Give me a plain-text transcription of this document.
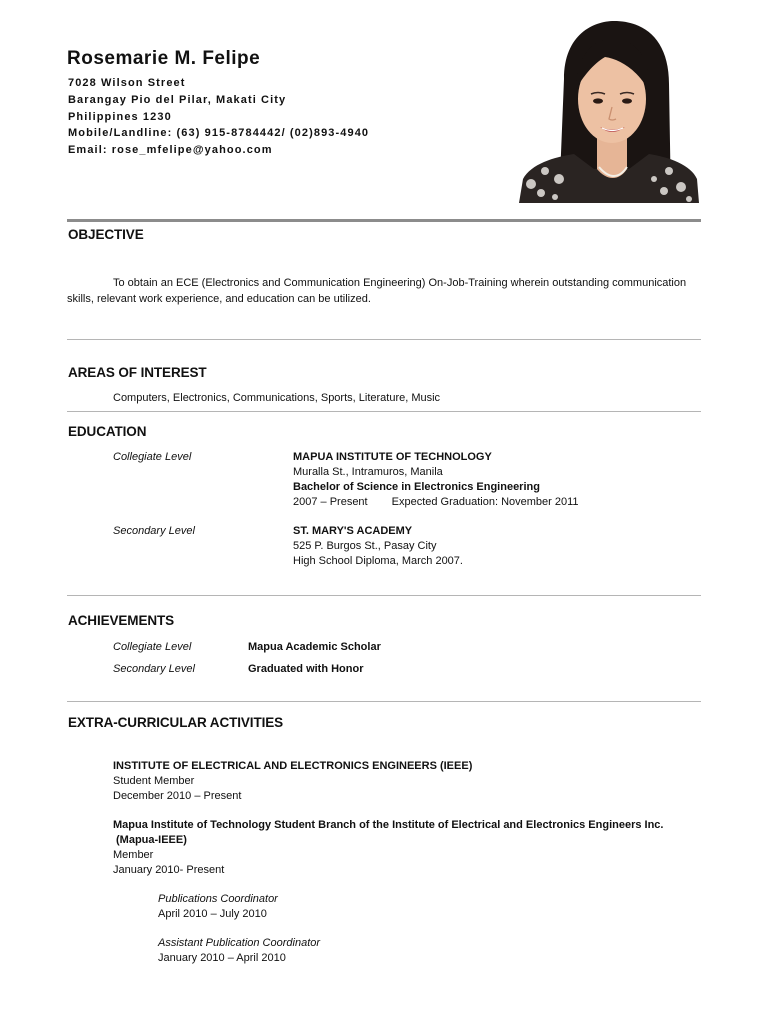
Rosemarie M. Felipe
7028 Wilson Street
Barangay Pio del Pilar, Makati City
Philippines 1230
Mobile/Landline: (63) 915-8784442/ (02)893-4940
Email: rose_mfelipe@yahoo.com
OBJECTIVE

To obtain an ECE (Electronics and Communication Engineering) On-Job-Training wherein outstanding communication skills, relevant work experience, and education can be utilized.

AREAS OF INTEREST
Computers, Electronics, Communications, Sports, Literature, Music
EDUCATION
Collegiate Level	MAPUA INSTITUTE OF TECHNOLOGY
Muralla St., Intramuros, Manila
Bachelor of Science in Electronics Engineering
2007 – Present Expected Graduation: November 2011
Secondary Level	ST. MARY'S ACADEMY
525 P. Burgos St., Pasay City
High School Diploma, March 2007.
ACHIEVEMENTS
Collegiate Level	Mapua Academic Scholar
Secondary Level	Graduated with Honor
EXTRA-CURRICULAR ACTIVITIES
INSTITUTE OF ELECTRICAL AND ELECTRONICS ENGINEERS (IEEE)
Student Member
December 2010 – Present
Mapua Institute of Technology Student Branch of the Institute of Electrical and Electronics Engineers Inc.
(Mapua-IEEE)
Member
January 2010- Present
Publications Coordinator
April 2010 – July 2010
Assistant Publication Coordinator
January 2010 – April 2010
